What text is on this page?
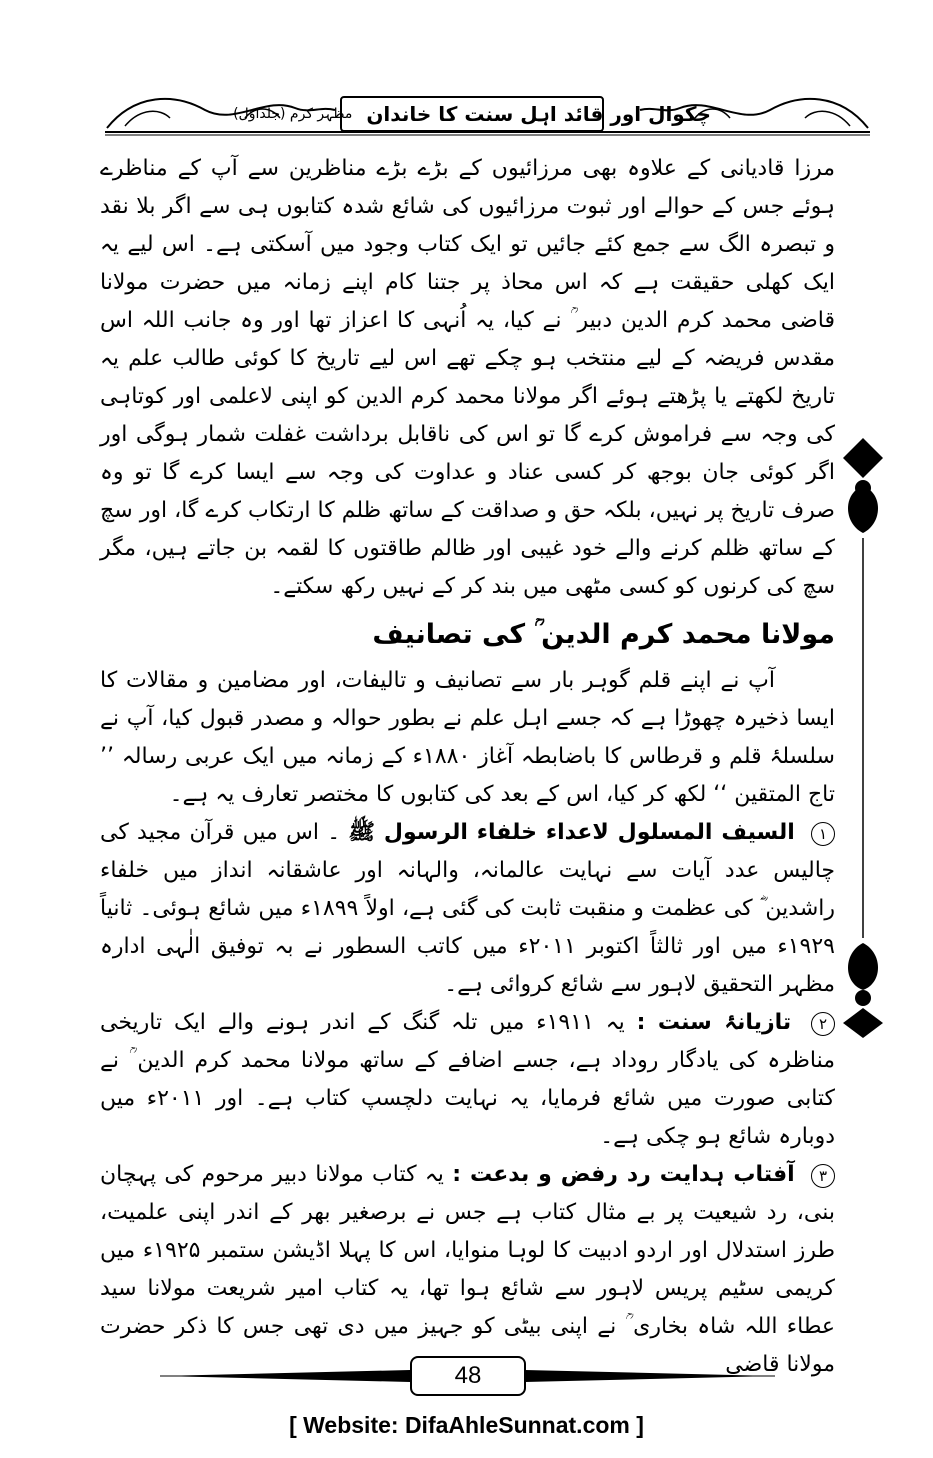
چکوال اور قائد اہل سنت کا خاندان
مظہر کرم (جلداوّل)

مرزا قادیانی کے علاوہ بھی مرزائیوں کے بڑے بڑے مناظرین سے آپ کے مناظرے ہوئے جس کے حوالے اور ثبوت مرزائیوں کی شائع شدہ کتابوں ہی سے اگر بلا نقد و تبصرہ الگ سے جمع کئے جائیں تو ایک کتاب وجود میں آسکتی ہے۔ اس لیے یہ ایک کھلی حقیقت ہے کہ اس محاذ پر جتنا کام اپنے زمانہ میں حضرت مولانا قاضی محمد کرم الدین دبیر ؒ نے کیا، یہ اُنہی کا اعزاز تھا اور وہ جانب اللہ اس مقدس فریضہ کے لیے منتخب ہو چکے تھے اس لیے تاریخ کا کوئی طالب علم یہ تاریخ لکھتے یا پڑھتے ہوئے اگر مولانا محمد کرم الدین کو اپنی لاعلمی اور کوتاہی کی وجہ سے فراموش کرے گا تو اس کی ناقابل برداشت غفلت شمار ہوگی اور اگر کوئی جان بوجھ کر کسی عناد و عداوت کی وجہ سے ایسا کرے گا تو وہ صرف تاریخ پر نہیں، بلکہ حق و صداقت کے ساتھ ظلم کا ارتکاب کرے گا، اور سچ کے ساتھ ظلم کرنے والے خود غیبی اور ظالم طاقتوں کا لقمہ بن جاتے ہیں، مگر سچ کی کرنوں کو کسی مٹھی میں بند کر کے نہیں رکھ سکتے۔

مولانا محمد کرم الدین ؒ کی تصانیف

آپ نے اپنے قلم گوہر بار سے تصانیف و تالیفات، اور مضامین و مقالات کا ایسا ذخیرہ چھوڑا ہے کہ جسے اہل علم نے بطور حوالہ و مصدر قبول کیا، آپ نے سلسلۂ قلم و قرطاس کا باضابطہ آغاز ۱۸۸۰ء کے زمانہ میں ایک عربی رسالہ ’’ تاج المتقین ‘‘ لکھ کر کیا، اس کے بعد کی کتابوں کا مختصر تعارف یہ ہے۔

۱ السیف المسلول لاعداء خلفاء الرسول ﷺ ۔ اس میں قرآن مجید کی چالیس عدد آیات سے نہایت عالمانہ، والہانہ اور عاشقانہ انداز میں خلفاء راشدین ؓ کی عظمت و منقبت ثابت کی گئی ہے، اولاً ۱۸۹۹ء میں شائع ہوئی۔ ثانیاً ۱۹۲۹ء میں اور ثالثاً اکتوبر ۲۰۱۱ء میں کاتب السطور نے بہ توفیق الٰہی ادارہ مظہر التحقیق لاہور سے شائع کروائی ہے۔

۲ تازیانۂ سنت : یہ ۱۹۱۱ء میں تلہ گنگ کے اندر ہونے والے ایک تاریخی مناظرہ کی یادگار روداد ہے، جسے اضافے کے ساتھ مولانا محمد کرم الدین ؒ نے کتابی صورت میں شائع فرمایا، یہ نہایت دلچسپ کتاب ہے۔ اور ۲۰۱۱ء میں دوبارہ شائع ہو چکی ہے۔

۳ آفتاب ہدایت رد رفض و بدعت : یہ کتاب مولانا دبیر مرحوم کی پہچان بنی، رد شیعیت پر بے مثال کتاب ہے جس نے برصغیر بھر کے اندر اپنی علمیت، طرز استدلال اور اردو ادبیت کا لوہا منوایا، اس کا پہلا اڈیشن ستمبر ۱۹۲۵ء میں کریمی سٹیم پریس لاہور سے شائع ہوا تھا، یہ کتاب امیر شریعت مولانا سید عطاء اللہ شاہ بخاری ؒ نے اپنی بیٹی کو جہیز میں دی تھی جس کا ذکر حضرت مولانا قاضی

48
[ Website: DifaAhleSunnat.com ]
